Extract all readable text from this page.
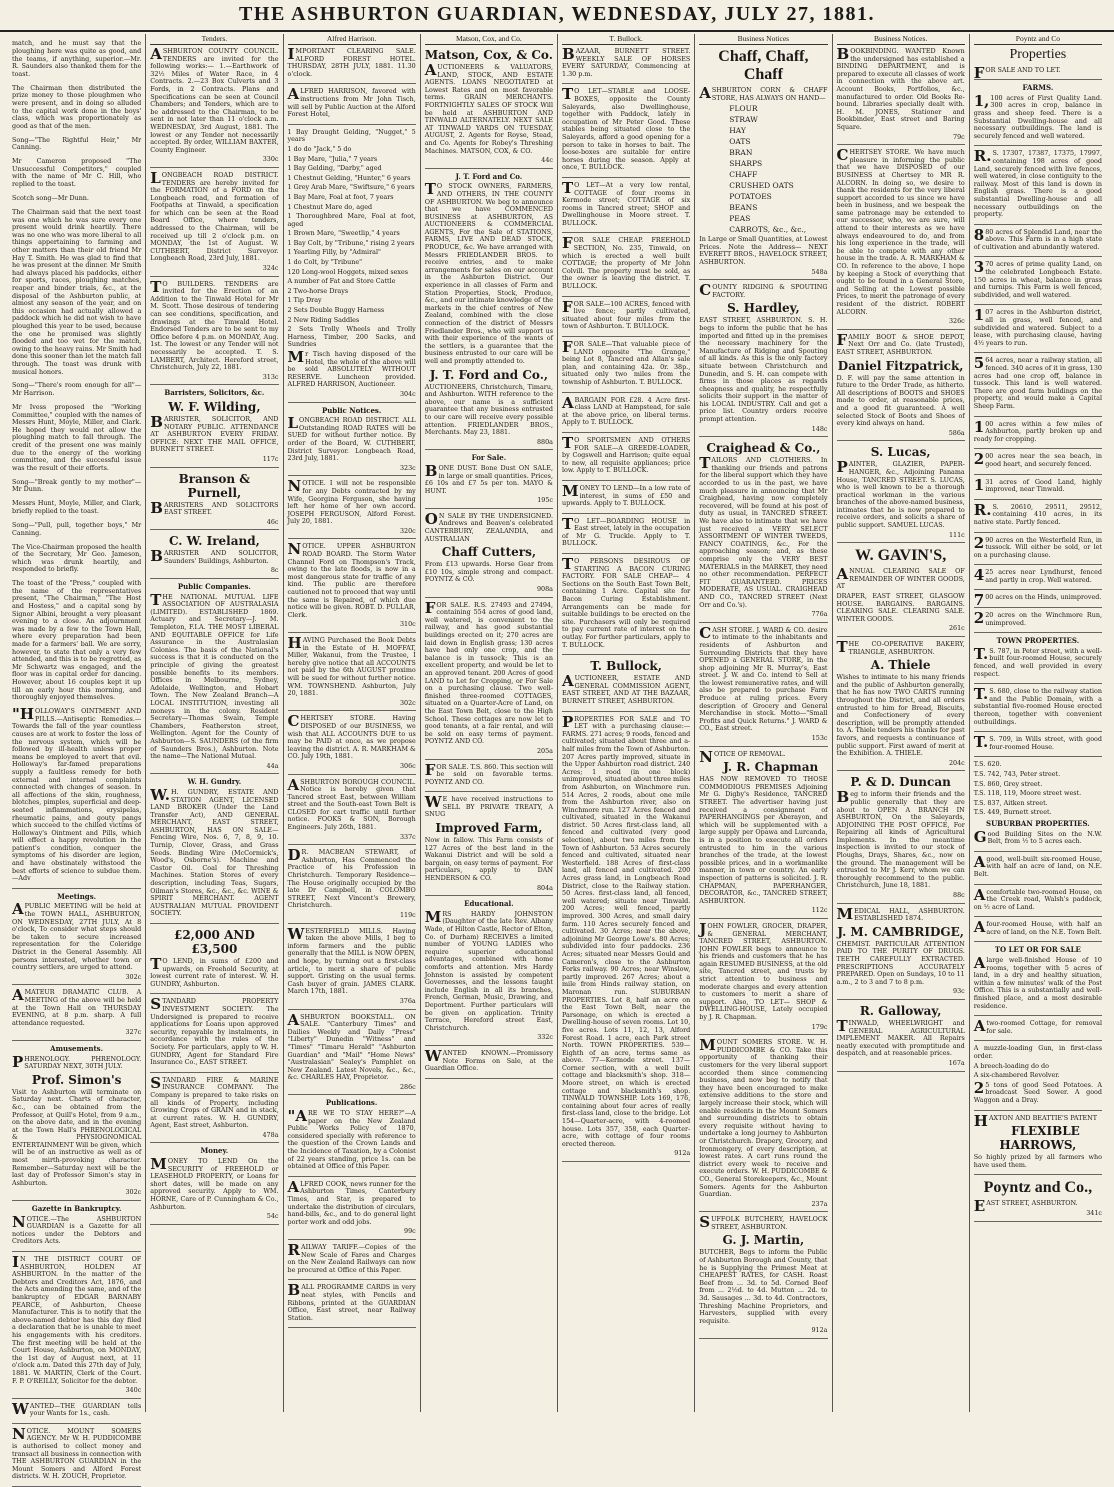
THE ASHBURTON GUARDIAN, WEDNESDAY, JULY 27, 1881.

match, and he must say that the ploughing here was quite as good, and the teams, if anything, superior.—Mr. R. Saunders also thanked them for the toast.

The Chairman then distributed the prize money to those ploughmen who were present, and in doing so alluded to the capital work done in the boys' class, which was proportionately as good as that of the men.

Song—"The Rightful Heir," Mr Canning.

Mr Cameron proposed "The Unsuccessful Competitors," coupled with the name of Mr C. Hill, who replied to the toast.

Scotch song—Mr Dunn.

The Chairman said that the next toast was one which he was sure every one present would drink heartily. There was no one who was more liberal to all things appertaining to farming and other matters than their old friend Mr Hay T. Smith. He was glad to find that he was present at the dinner. Mr Smith had always placed his paddocks, either for sports, races, ploughing matches, reaper and binder trials, &c., at the disposal of the Ashburton public, at almost any season of the year, and on this occasion had actually allowed a paddock which he did not wish to have ploughed this year to be used, because the one he promised was slightly flooded and too wet for the match, owing to the heavy rains. Mr Smith had done this sooner than let the match fall through. The toast was drunk with musical honors.

Song—"There's room enough for all"—Mr Harrison.

Mr Ivess proposed the "Working Committee," coupled with the names of Messrs Hunt, Moyle, Miller, and Clark. He hoped they would not allow the ploughing match to fall through. The credit of the present one was mainly due to the energy of the working committee, and the successful issue was the result of their efforts.

Song—"Break gently to my mother"—Mr Dunn.

Messrs Hunt, Moyle, Miller, and Clark, briefly replied to the toast.

Song—"Pull, pull, together boys," Mr Canning.

The Vice-Chairman proposed the health of the Secretary, Mr Geo. Jameson, which was drunk heartily, and responded to briefly.

The toast of the "Press," coupled with the name of the representatives present, "The Chairman," "The Host and Hostess," and a capital song by Signor Albini, brought a very pleasant evening to a close. An adjournment was made by a few to the Town Hall, where every preparation had been made for a farmers' ball. We are sorry, however, to state that only a very few attended, and this is to be regretted, as Mr Schwartz was engaged, and the floor was in capital order for dancing. However, about 16 couples kept it up till an early hour this morning, and thoroughly enjoyed themselves.

"HOLLOWAY'S OINTMENT AND PILLS.—Antiseptic Remedies.—Towards the fall of the year countless causes are at work to foster the loss of the nervous system, which will be followed by ill-health unless proper means be employed to avert that evil. Holloway's far-famed preparations supply a faultless remedy for both external and internal complaints connected with changes of season. In all affections of the skin, roughness, blotches, pimples, superficial and deep-seated inflammations, erysipelas, rheumatic pains, and gouty pangs which succeed to the chilled victims of Holloway's Ointment and Pills, which will effect a happy revolution in the patient's condition, conquer the symptoms of his disorder are legion, and have obstinately withstood the best efforts of science to subdue them.—Adv

Meetings.

APUBLIC MEETING will be held at the TOWN HALL, ASHBURTON, ON WEDNESDAY, 27TH JULY, At 8 o'clock, To consider what steps should be taken to secure increased representation for the Coleridge District in the General Assembly. All persons interested, whether town or country settlers, are urged to attend.

302c

AMATEUR DRAMATIC CLUB. A MEETING of the above will be held at the Town Hall on THURSDAY EVENING, at 8 p.m. sharp. A full attendance requested.

327c
Amusements.

PHRENOLOGY. PHRENOLOGY. SATURDAY NEXT, 30TH JULY.

Prof. Simon's

Visit to Ashburton will terminate on Saturday next. Charts of character, &c., can be obtained from the Professor, at Quill's Hotel, from 9 a.m., on the above date, and in the evening at the Town Hall's PHRENOLOGICAL & PHYSIOGNOMICAL ENTERTAINMENT Will be given, which will be of an instructive as well as of most mirth-provoking character. Remember—Saturday next will be the last day of Professor Simon's stay in Ashburton.

302c
Gazette in Bankruptcy.

NOTICE.—The ASHBURTON GUARDIAN is a Gazette for all notices under the Debtors and Creditors Acts.

IN THE DISTRICT COURT OF ASHBURTON, HOLDEN AT ASHBURTON. In the matter of the Debtors and Creditors Act, 1876, and the Acts amending the same, and of the bankruptcy of EDGAR BARNABY PEARCE, of Ashburton, Cheese Manufacturer. This is to notify that the above-named debtor has this day filed a declaration that he is unable to meet his engagements with his creditors. The first meeting will be held at the Court House, Ashburton, on MONDAY, the 1st day of August next, at 11 o'clock a.m. Dated this 27th day of July, 1881. W. MARTIN, Clerk of the Court. F. P. O'REILLY, Solicitor for the debtor.

340c

WANTED—THE GUARDIAN tells your Wants for 1s., cash.

NOTICE. MOUNT SOMERS AGENCY. Mr W. H. PUDDICOMBE is authorised to collect money and transact all business in connection with THE ASHBURTON GUARDIAN in the Mount Somers and Alford Forest districts. W. H. ZOUCH, Proprietor.

Tenders.

ASHBURTON COUNTY COUNCIL. TENDERS are invited for the following works:— 1.—Earthwork of 32½ Miles of Water Race, in 4 Contracts. 2.—23 Box Culverts and 3 Fords, in 2 Contracts. Plans and Specifications can be seen at Council Chambers; and Tenders, which are to be addressed to the Chairman, to be sent in not later than 11 o'clock a.m. WEDNESDAY, 3rd August, 1881. The lowest or any Tender not necessarily accepted. By order, WILLIAM BAXTER, County Engineer.

330c

LONGBEACH ROAD DISTRICT. TENDERS are hereby invited for the FORMATION of a FORD on the Longbeach road, and formation of Footpaths at Tinwald, a specification for which can be seen at the Road Board Office, where tenders, addressed to the Chairman, will be received up till 2 o'clock p.m. on MONDAY, the 1st of August. W. CUTHBERT, District Surveyor. Longbeach Road, 23rd July, 1881.

324c

TO BUILDERS. TENDERS are invited for the Erection of an Addition to the Tinwald Hotel for Mr M. Scott. Those desirous of tendering can see conditions, specification, and drawings at the Tinwald Hotel. Endorsed Tenders are to be sent to my Office before 4 p.m. on MONDAY, Aug. 1st. The lowest or any Tender will not necessarily be accepted. T. S. LAMBERT, Architect. Hereford street, Christchurch, July 22, 1881.

313c
Barristers, Solicitors, &c.
W. F. Wilding,

BARRISTER, SOLICITOR, AND NOTARY PUBLIC. ATTENDANCE AT ASHBURTON EVERY FRIDAY. OFFICE: NEXT THE MAIL OFFICE, BURNETT STREET.

117c
Branson & Purnell,

BARRISTERS AND SOLICITORS EAST STREET.

46c
C. W. Ireland,

BARRISTER AND SOLICITOR, Saunders' Buildings, Ashburton.

8c
Public Companies.

THE NATIONAL MUTUAL LIFE ASSOCIATION OF AUSTRALASIA (LIMITED). ESTABLISHED 1869. Actuary and Secretary—J. M. Templeton, F.I.A. THE MOST LIBERAL AND EQUITABLE OFFICE for Life Assurance in the Australasian Colonies. The basis of the National's success is that it is conducted on the principle of giving the greatest possible benefits to its members. Offices in Melbourne, Sydney, Adelaide, Wellington, and Hobart Town. The New Zealand Branch—A LOCAL INSTITUTION, investing all moneys in the colony. Resident Secretary—Thomas Swain, Temple Chambers, Featherston street, Wellington. Agent for the County of Ashburton—S. SAUNDERS (of the firm of Saunders Bros.), Ashburton. Note the name—The National Mutual.

44a
W. H. Gundry.

W.H. GUNDRY, ESTATE AND STATION AGENT, LICENSED LAND BROKER (Under the Land Transfer Act), AND GENERAL MERCHANT, EAST STREET, ASHBURTON, HAS ON SALE— Fencing Wire, Nos. 6, 7, 8, 9, 10. Turnip, Clover, Grass, and Grass Seeds. Binding Wire (McCormick's, Wood's, Osborne's). Machine and Castor Oil. Coal for Threshing Machines. Station Stores of every description, including Teas, Sugars, Oilman's Stores, &c., &c., &c. WINE & SPIRIT MERCHANT. AGENT AUSTRALIAN MUTUAL PROVIDENT SOCIETY.

£2,000 AND £3,500

TO LEND, in sums of £200 and upwards, on Freehold Security, at lowest current rate of interest. W. H. GUNDRY, Ashburton.

STANDARD PROPERTY INVESTMENT SOCIETY. The Undersigned is prepared to receive applications for Loans upon approved security, repayable by instalments, in accordance with the rules of the Society. For particulars, apply to W. H. GUNDRY, Agent for Standard Fire Insurance Co., EAST STREET.

STANDARD FIRE & MARINE INSURANCE COMPANY. The Company is prepared to take risks on all kinds of Property, including Growing Crops of GRAIN and in stack, at current rates. W. H. GUNDRY, Agent, East street, Ashburton.

478a
Money.

MONEY TO LEND On the SECURITY of FREEHOLD or LEASEHOLD PROPERTY, or Loans for short dates, will be made on any approved security. Apply to WM. HORNE, Care of P. Cunningham & Co., Ashburton.

54c
Alfred Harrison.

IMPORTANT CLEARING SALE. ALFORD FOREST HOTEL. THURSDAY, 28TH JULY, 1881. 11.30 o'clock.

ALFRED HARRISON, favored with instructions from Mr John Tisch, will sell by Public Auction at the Alford Forest Hotel,

1 Bay Draught Gelding, "Nugget," 5 years
1 do do "Jack," 5 do
1 Bay Mare, "Julia," 7 years
1 Bay Gelding, "Darby," aged
1 Chestnut Gelding, "Hunter," 6 years
1 Grey Arab Mare, "Swiftsure," 6 years
1 Bay Mare, Foal at foot, 7 years
1 Chestnut Mare do, aged
1 Thoroughbred Mare, Foal at foot, aged
1 Brown Mare, "Sweetlip," 4 years
1 Bay Colt, by "Tribune," rising 2 years
1 Yearling Filly, by "Admiral"
1 do Colt, by "Tribune"
120 Long-wool Hoggets, mixed sexes
A number of Fat and Store Cattle
2 Two-horse Drays
1 Tip Dray
2 Sets Double Buggy Harness
2 New Riding Saddles
2 Sets Trolly Wheels and Trolly Harness, Timber, 200 Sacks, and Sundries

Mr Tisch having disposed of the Hotel, the whole of the above will be sold ABSOLUTELY WITHOUT RESERVE. Luncheon provided. ALFRED HARRISON, Auctioneer.

304c
Public Notices.

LONGBEACH ROAD DISTRICT. ALL Outstanding ROAD RATES will be SUED for without further notice. By order of the Board, W. CUTHBERT, District Surveyor. Longbeach Road, 23rd July, 1881.

323c

NOTICE. I will not be responsible for any Debts contracted by my Wife, Georgina Ferguson, she having left her home of her own accord. JOSEPH FERGUSON, Alford Forest. July 20, 1881.

320c

NOTICE. UPPER ASHBURTON ROAD BOARD. The Storm Water Channel Ford on Thompson's Track, owing to the late floods, is now in a most dangerous state for traffic of any kind. The public are therefore cautioned not to proceed that way until the same is Repaired, of which due notice will be given. ROBT. D. PULLAR, Clerk.

310c

HAVING Purchased the Book Debts in the Estate of H. MOFFAT, Miller, Wakanui, from the Trustee, I hereby give notice that all ACCOUNTS not paid by the 6th AUGUST proximo will be sued for without further notice. WM. TOWNSHEND. Ashburton, July 20, 1881.

302c

CHERTSEY STORE. Having DISPOSED of our BUSINESS, we wish that ALL ACCOUNTS DUE to us may be PAID at once, as we propose leaving the district. A. R. MARKHAM & CO. July 19th, 1881.

306c

ASHBURTON BOROUGH COUNCIL. Notice is hereby given that Tancred street East, between William street and the South-east Town Belt is CLOSED for cart traffic until further notice. FOOKS & SON, Borough Engineers. July 26th, 1881.

337c

DR. MACBEAN STEWART, of Ashburton, Has Commenced the Practice of his Profession in Christchurch. Temporary Residence—The House originally occupied by the late Dr Campbell, in COLOMBO STREET, Next Vincent's Brewery, Christchurch.

119c

WESTERFIELD MILLS. Having taken the above Mills, I beg to inform farmers and the public generally that the MILL is NOW OPEN, and hope, by turning out a first-class article, to merit a share of public support. Gristing on the usual terms. Cash buyer of grain. JAMES CLARK. March 17th, 1881.

376a

ASHBURTON BOOKSTALL. ON SALE. "Canterbury Times" and Dailies Weekly and Daily "Press" "Liberty" Dunedin "Witness" and "Times" "Timaru Herald" "Ashburton Guardian" and "Mail" "Home News" "Australasian" Sealey's Pamphlet on New Zealand. Latest Novels, &c., &c., &c. CHARLES HAY, Proprietor.

286c
Publications.

"ARE WE TO STAY HERE?"—A paper on the New Zealand Public Works Policy of 1870, considered specially with reference to the question of the Crown Lands and the Incidence of Taxation, by a Colonist of 22 years standing, price 1s. can be obtained at Office of this Paper.

ALFRED COOK, news runner for the Ashburton Times, Canterbury Times, and Star, is prepared to undertake the distribution of circulars, hand-bills, &c., and to do general light porter work and odd jobs.

99c

RAILWAY TARIFF.—Copies of the New Scale of Fares and Charges on the New Zealand Railways can now be procured at Office of this Paper.

BALL PROGRAMME CARDS in very neat styles, with Pencils and Ribbons, printed at the GUARDIAN Office, East street, near Railway Station.

Matson, Cox, and Co.
Matson, Cox, & Co.

AUCTIONEERS & VALUATORS, LAND, STOCK, AND ESTATE AGENTS. LOANS NEGOTIATED at Lowest Rates and on most favorable terms. GRAIN MERCHANTS. FORTNIGHTLY SALES OF STOCK Will be held at ASHBURTON AND TINWALD ALTERNATELY. NEXT SALE AT TINWALD YARDS ON TUESDAY, AUGUST, 2. Agents for Royse, Stead, and Co. Agents for Robey's Threshing Machines. MATSON, COX, & CO.

44c
J. T. Ford and Co.

TO STOCK OWNERS, FARMERS, AND OTHERS, IN THE COUNTY OF ASHBURTON. We beg to announce that we have COMMENCED BUSINESS at ASHBURTON, AS AUCTIONEERS & COMMERCIAL AGENTS, For the Sale of STATIONS, FARMS, LIVE AND DEAD STOCK, PRODUCE, &c. We have arranged with Messrs FRIEDLANDER BROS. to receive entries, and to make arrangements for sales on our account in the Ashburton District. Our experience in all classes of Farm and Station Properties, Stock, Produce, &c., and our intimate knowledge of the markets in the chief centres of New Zealand, combined with the close connection of the district of Messrs Friedlander Bros., who will support us with their experience of the wants of the settlers, is a guarantee that the business entrusted to our care will be well and promptly attended to.

J. T. Ford and Co.,

AUCTIONEERS, Christchurch, Timaru, and Ashburton. WITH reference to the above, our name is a sufficient guarantee that any business entrusted to our care will receive every possible attention. FRIEDLANDER BROS., Merchants. May 23, 1881.

880a
For Sale.

BONE DUST. Bone Dust ON SALE, in large or small quantities. Prices, £6 10s and £7 5s per ton. MAYO & HUNT.

195c

ON SALE BY THE UNDERSIGNED. Andrews and Beaven's celebrated CANTERBURY, ZEALANDIA, and AUSTRALIAN

Chaff Cutters,

From £13 upwards. Horse Gear from £10 10s, simple strong and compact. FOYNTZ & CO.

908a

FOR SALE. R.S. 27493 and 27494, containing 554 acres of good land, well watered, is convenient to the railway, and has good substantial buildings erected on it; 270 acres are laid down in English grass; 130 acres have had only one crop, and the balance is in tussock; This is an excellent property, and would be let to an approved tenant. 200 Acres of good LAND to Let for Cropping, or For Sale on a purchasing clause. Two well-finished three-roomed COTTAGES, situated on a Quarter-Acre of Land, on the East Town Belt, close to the High School. These cottages are now let to good tenants, at a fair rental, and will be sold on easy terms of payment. POYNTZ AND CO.

205a

FOR SALE. T.S. 860. This section will be sold on favorable terms. POYNTZ AND CO.

WE have received instructions to SELL BY PRIVATE TREATY, A SNUG

Improved Farm,

Now in fallow. This Farm consists of 127 Acres of the best land in the Wakanui District and will be sold a bargain, on easy terms of payment. For particulars, apply to DAN HENDERSON & CO.

804a
Educational.

MRS HARDY JOHNSTON (Daughter of the late Rev. Albany Wade, of Hilton Castle, Rector of Elton, Co. of Durham) RECEIVES a limited number of YOUNG LADIES who require superior educational advantages, combined with home comforts and attention. Mrs Hardy Johnston is assisted by competent Governesses, and the lessons taught include English in all its branches, French, German, Music, Drawing, and Deportment. Further particulars will be given on application. Trinity Terrace, Hereford street East, Christchurch.

332c

WANTED KNOWN.—Promissory Note Forms on Sale, at the Guardian Office.

T. Bullock.

BAZAAR, BURNETT STREET. WEEKLY SALE OF HORSES EVERY SATURDAY, Commencing at 1.30 p.m.

TO LET—STABLE and LOOSE-BOXES, opposite the County Saleyards, also Dwellinghouse, together with Paddock, lately in occupation of Mr Peter Good. These stables being situated close to the Saleyards, afford a good opening for a person to take in horses to bait. The loose-boxes are suitable for entire horses during the season. Apply at once, T. BULLOCK.

TO LET—At a very low rental, COTTAGE of four rooms in Kermode street; COTTAGE of six rooms in Tancred street; SHOP and Dwellinghouse in Moore street. T. BULLOCK.

FOR SALE CHEAP. FREEHOLD SECTION, No. 235, Tinwald, on which is erected a well built COTTAGE; the property of Mr John Colvill. The property must be sold, as the owner is leaving the district. T. BULLOCK.

FOR SALE—100 ACRES, fenced with live fence; partly cultivated, situated about four miles from the town of Ashburton. T. BULLOCK.

FOR SALE—That valuable piece of LAND opposite "The Grange," being Lot 8, Tancred and Allan's sale plan, and containing 42a. 0r. 38p., situated only two miles from the township of Ashburton. T. BULLOCK.

ABARGAIN FOR £28. 4 Acre first-class LAND at Hampstead, for sale at the above price, on liberal terms. Apply to T. BULLOCK.

TO SPORTSMEN AND OTHERS FOR SALE—A GREEDE-LOADER, by Cogswell and Harrison; quite equal to new, all requisite appliances; price low. Apply to T. BULLOCK.

MONEY TO LEND—In a low rate of interest, in sums of £50 and upwards. Apply to T. BULLOCK.

TO LET—BOARDING HOUSE in East street, lately in the occupation of Mr G. Truckle. Apply to T. BULLOCK.

TO PERSONS DESIROUS OF STARTING A BACON CURING FACTORY. FOR SALE CHEAP— 4 Sections on the South East Town Belt, containing 1 Acre. Capital site for Bacon Curing Establishment. Arrangements can be made for suitable buildings to be erected on the site. Purchasers will only be required to pay current rate of interest on the outlay. For further particulars, apply to T. BULLOCK.

T. Bullock,

AUCTIONEER, ESTATE AND GENERAL COMMISSION AGENT, EAST STREET, AND AT THE BAZAAR, BURNETT STREET, ASHBURTON.

PROPERTIES FOR SALE and TO LET with a purchasing clause:— FARMS. 271 acres; 9 roods, fenced and cultivated; situated about three and a-half miles from the Town of Ashburton. 207 Acres partly improved, situate in the Upper Ashburton road district. 240 Acres; 1 rood (in one block) unimproved, situated about three miles from Ashburton, on Winchmore run. 514 Acres, 2 roods, about one mile from the Ashburton river, also on Winchmore run. 127 Acres fenced and cultivated, situated in the Wakanui district. 50 Acres first-class land, all fenced and cultivated (very good selection), about two miles from the Town of Ashburton. 53 Acres securely fenced and cultivated, situated near Westerfield. 188 Acres of first-class land, all fenced and cultivated. 200 Acres grass land, in Longbeach Road District, close to the Railway station. 50 Acres. first-class land, all fenced, well watered; situate near Tinwald. 200 Acres; well fenced, partly improved. 300 Acres, and small dairy farm. 110 Acres securely fenced and cultivated. 30 Acres; near the above, adjoining Mr George Lowe's. 80 Acres; subdivided into four paddocks. 236 Acres; situated near Messrs Gould and Cameron's, close to the Ashburton Forks railway. 90 Acres; near Winslow, partly improved. 267 Acres; about a mile from Hinds railway station, on Maronan run. SUBURBAN PROPERTIES. Lot 8, half an acre on the East Town Belt, near the Parsonage, on which is erected a Dwelling-house of seven rooms. Lot 10, five acres. Lots 11, 12, 13, Alford Forest Road. 1 acre, each Park street North. TOWN PROPERTIES. 539—Eighth of an acre, terms same as above. 77—Kermode street. 137—Corner section, with a well built cottage and blacksmith's shop. 318—Moore street, on which is erected cottage and blacksmith's shop. TINWALD TOWNSHIP. Lots 169, 176, containing about four acres of really first-class land, close to the bridge. Lot 154—Quarter-acre, with 4-roomed house. Lots 357, 358, each Quarter-acre, with cottage of four rooms erected thereon.

912a
Business Notices
Chaff, Chaff, Chaff

ASHBURTON CORN & CHAFF STORE, HAS ALWAYS ON HAND—

FLOUR
STRAW
HAY
OATS
BRAN
SHARPS
CHAFF
CRUSHED OATS
POTATOES
BEANS
PEAS
CARROTS, &c., &c.,

In Large or Small Quantities, at Lowest Prices. Note the Address— NEXT EVERETT BROS., HAVELOCK STREET, ASHBURTON.

548a

COUNTY RIDGING & SPOUTING FACTORY.

S. Hardley,

EAST STREET, ASHBURTON. S. H. begs to inform the public that he has imported and fitted up in the premises the necessary machinery for the Manufacture of Ridging and Spouting of all kinds. As this is the only factory situate between Christchurch and Dunedin, and S. H. can compete with firms in those places as regards cheapness and quality, he respectfully solicits their support in the matter of his LOCAL INDUSTRY. Call and get a price list. Country orders receive prompt attention.

148c
Craighead & Co.,

TAILORS AND CLOTHIERS. In thanking our friends and patrons for the liberal support which they have accorded to us in the past, we have much pleasure in announcing that Mr Craighead, having now completely recovered, will be found at his post of duty as usual, in TANCRED STREET. We have also to intimate that we have just received a VERY SELECT ASSORTMENT OF WINTER TWEEDS, FANCY COATINGS, &c., For the approaching season; and, as these comprise only the VERY BEST MATERIALS in the MARKET, they need no other recommendation. PERFECT FIT GUARANTEED. PRICES MODERATE, AS USUAL. CRAIGHEAD AND CO., TANCRED STREET (Next Orr and Co.'s).

776a

CASH STORE. J. WARD & CO. desire to intimate to the inhabitants and residents of Ashburton and Surrounding Districts that they have OPENED a GENERAL STORE, in the shop adjoining Mr R. Murray's, East street. J. W. and Co. intend to Sell at the lowest remunerative rates, and will also be prepared to purchase Farm Produce at ruling prices. Every description of Grocery and General Merchandise in stock. Motto—"Small Profits and Quick Returns." J. WARD & CO., East street.

153c

NOTICE OF REMOVAL.

J. R. Chapman

HAS NOW REMOVED TO THOSE COMMODIOUS PREMISES Adjoining Mr G. Digby's Residence, TANCRED STREET. The advertiser having just received a consignment of PAPERHANGINGS per Aberayon, and which will be supplemented with a large supply per Opawa and Lurcanda, is in a position to execute all orders entrusted to him in the various branches of the trade, at the lowest possible prices, and in a workmanlike manner, in town or country. An early inspection of patterns is solicited. J. R. CHAPMAN, PAPERHANGER, DECORATOR, &c., TANCRED STREET, ASHBURTON.

112c

JOHN FOWLER, GROCER, DRAPER, & GENERAL MERCHANT, TANCRED STREET, ASHBURTON. JOHN FOWLER begs to announce to his friends and customers that he has again RESUMED BUSINESS, at the old site, Tancred street, and trusts by strict attention to business and moderate charges and every attention to customers to merit a share of support. Also, TO LET— SHOP & DWELLING-HOUSE, Lately occupied by J. R. Chapman.

179c

MOUNT SOMERS STORE. W. H. PUDDICOMBE & CO. Take this opportunity of thanking their customers for the very liberal support accorded them since commencing business, and now beg to notify that they have been encouraged to make extensive additions to the store and largely increase their stock, which will enable residents in the Mount Somers and surrounding districts to obtain every requisite without having to undertake a long journey to Ashburton or Christchurch. Drapery, Grocery, and Ironmongery, of every description, at lowest rates. A cart runs round the district every week to receive and execute orders. W. H. PUDDICOMBE & CO., General Storekeepers, &c., Mount Somers. Agents for the Ashburton Guardian.

237a

SUFFOLK BUTCHERY, HAVELOCK STREET, ASHBURTON.

G. J. Martin,

BUTCHER, Begs to inform the Public of Ashburton Borough and County, that he is Supplying the Primest Meat at CHEAPEST RATES, for CASH. Roast Beef from ... 3d. to 5d. Corned Beef from ... 2½d. to 4d. Mutton ... 2d. to 3d. Sausages ... 3d. to 4d. Contractors, Threshing Machine Proprietors, and Harvesters, supplied with every requisite.

912a
Business Notices.

BOOKBINDING. WANTED Known the undersigned has established a BINDING DEPARTMENT, and is prepared to execute all classes of work in connection with the above art. Account Books, Portfolios, &c., manufactured to order. Old Books Re-bound. Libraries specially dealt with. H. M. JONES, Stationer and Bookbinder, East street and Baring Square.

79c

CHERTSEY STORE. We have much pleasure in informing the public that we have DISPOSED of our BUSINESS at Chertsey to MR R. ALCORN. In doing so, we desire to thank the residents for the very liberal support accorded to us since we have been in business, and we bespeak the same patronage may be extended to our successor, who, we are sure, will attend to their interests as we have always endeavoured to do, and from his long experience in the trade, will be able to compete with any other house in the trade. A. R. MARKHAM & CO. In reference to the above, I hope by keeping a Stock of everything that ought to be found in a General Store, and Selling at the Lowest possible Prices, to merit the patronage of every resident of the district. ROBERT ALCORN.

326c

FAMILY BOOT & SHOE DEPOT, Next Orr and Co. (late Trusted), EAST STREET, ASHBURTON.

Daniel Fitzpatrick,

D. F. will pay the same attention in future to the Order Trade, as hitherto. All descriptions of BOOTS and SHOES made to order, at reasonable prices, and a good fit guaranteed. A well selected Stock of Boots and Shoes of every kind always on hand.

586a
S. Lucas,

PAINTER, GLAZIER, PAPER-HANGER, &c., Adjoining Panama House, TANCRED STREET. S. LUCAS, who is well known to be a thorough practical workman in the various branches of the above-named business, intimates that he is now prepared to receive orders, and solicits a share of public support. SAMUEL LUCAS.

111c
W. GAVIN'S,

ANNUAL CLEARING SALE OF REMAINDER OF WINTER GOODS, AT

DRAPER, EAST STREET, GLASGOW HOUSE. BARGAINS. BARGAINS. CLEARING SALE. CLEARING SALE. WINTER GOODS.

261c

THE CO-OPERATIVE BAKERY, TRIANGLE, ASHBURTON.

A. Thiele

Wishes to intimate to his many friends and the public of Ashburton generally, that he has now TWO CARTS running throughout the District, and all orders entrusted to him for Bread, Biscuits, and Confectionery of every description, will be promptly attended to. A. Thiele tenders his thanks for past favors, and requests a continuance of public support. First award of merit at the Exhibition. A. THIELE.

204c
P. & D. Duncan

Beg to inform their friends and the public generally that they are about to OPEN A BRANCH IN ASHBURTON, On the Saleyards, ADJOINING THE POST OFFICE, For Repairing all kinds of Agricultural Implements. In the meantime inspection is invited to our stock of Ploughs, Drays, Shares, &c., now on the ground. The management will be entrusted to Mr J. Kerr, whom we can thoroughly recommend to the public. Christchurch, June 18, 1881.

88c

MEDICAL HALL, ASHBURTON. ESTABLISHED 1874.

J. M. CAMBRIDGE,

CHEMIST. PARTICULAR ATTENTION PAID TO THE PURITY OF DRUGS. TEETH CAREFULLY EXTRACTED. PRESCRIPTIONS ACCURATELY PREPARED. Open on Sundays, 10 to 11 a.m., 2 to 3 and 7 to 8 p.m.

93c
R. Galloway,

TINWALD, WHEELWRIGHT and GENERAL AGRICULTURAL IMPLEMENT MAKER. All Repairs neatly executed with promptitude and despatch, and at reasonable prices.

167a
Poyntz and Co
Properties

FOR SALE AND TO LET.

FARMS.

1,100 acres of First Quality Land. 300 acres in crop, balance in grass and sheep feed. There is a Substantial Dwelling-house and all necessary outbuildings. The land is securely fenced and well watered.

R.S. 17307, 17387, 17375, 17997, containing 198 acres of good Land, securely fenced with live fences, well watered, in close contiguity to the railway. Most of this land is down in English grass. There is a good substantial Dwelling-house and all necessary outbuildings on the property.

880 acres of Splendid Land, near the above. This Farm is in a high state of cultivation and abundantly watered.

370 acres of prime quality Land, on the celebrated Longbeach Estate. 150 acres in wheat, balance in grass and turnips. This Farm is well fenced, subdivided, and well watered.

107 acres in the Ashburton district, all in grass, well fenced, and subdivided and watered. Subject to a lease, with purchasing clause, having 4½ years to run.

564 acres, near a railway station, all fenced. 340 acres of it in grass, 130 acres had one crop off, balance in tussock. This land is well watered. There are good farm buildings on the property, and would make a Capital Sheep Farm.

100 acres within a few miles of Ashburton, partly broken up and ready for cropping.

200 acres near the sea beach, in good heart, and securely fenced.

131 acres of Good Land, highly improved, near Tinwald.

R.S. 20610, 29511, 29512, containing 410 acres, in its native state. Partly fenced.

290 acres on the Westerfield Run, in tussock. Will either be sold, or let on a purchasing clause.

425 acres near Lyndhurst, fenced and partly in crop. Well watered.

700 acres on the Hinds, unimproved.

220 acres on the Winchmore Run, unimproved.

TOWN PROPERTIES.

T.S. 787, in Peter street, with a well-built four-roomed House, securely fenced, and well provided in every respect.

T.S. 680, close to the railway station and the Public Domain, with a substantial five-roomed House erected thereon, together with convenient outbuildings.

T.S. 709, in Wills street, with good four-roomed House.

T.S. 620.
T.S. 742, 743, Peter street.
T.S. 860, Grey street.
T.S. 118, 119, Moore street west.
T.S. 837, Aitken street.
T.S. 449, Burnett street.
SUBURBAN PROPERTIES.

Good Building Sites on the N.W. Belt, from ½ to 5 acres each.

Agood, well-built six-roomed House, with half an acre of land, on N.E. Belt.

Acomfortable two-roomed House, on the Creek road, Walsh's paddock, on ½ acre of Land.

Afour-roomed House, with half an acre of land, on the N.E. Town Belt.

TO LET OR FOR SALE

Alarge well-finished House of 10 rooms, together with 5 acres of land, in a dry and healthy situation, within a few minutes' walk of the Post Office. This is a substantially and well-finished place, and a most desirable residence.

Atwo-roomed Cottage, for removal for sale.

A muzzle-loading Gun, in first-class order.
A breech-loading do do
A six-chambered Revolver.

25 tons of good Seed Potatoes. A broadcast Seed Sower. A good Waggon and a Dray.

HAXTON AND BEATTIE'S PATENT

FLEXIBLE HARROWS,

So highly prized by all farmers who have used them.

Poyntz and Co.,

EAST STREET, ASHBURTON.

341c
